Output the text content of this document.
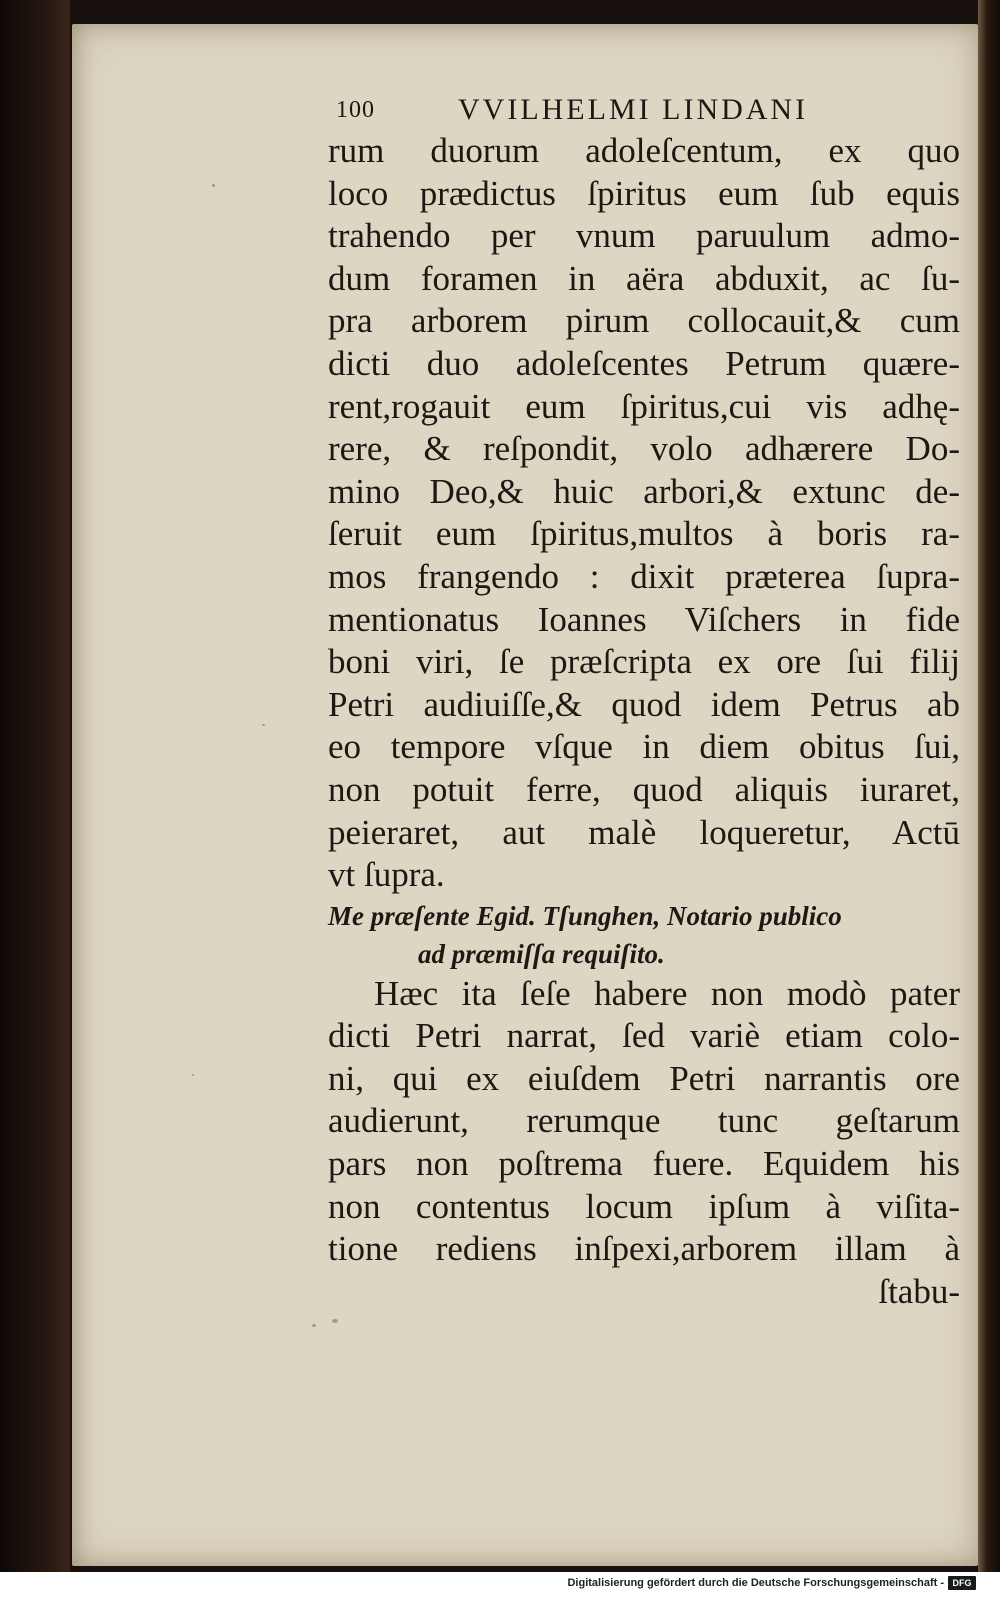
100	VVILHELMI LINDANI
rum duorum adoleſcentum, ex quo
loco prædictus ſpiritus eum ſub equis
trahendo per vnum paruulum admo-
dum foramen in aëra abduxit, ac ſu-
pra arborem pirum collocauit,& cum
dicti duo adoleſcentes Petrum quære-
rent,rogauit eum ſpiritus,cui vis adhę-
rere, & reſpondit, volo adhærere Do-
mino Deo,& huic arbori,& extunc de-
ſeruit eum ſpiritus,multos à boris ra-
mos frangendo : dixit præterea ſupra-
mentionatus Ioannes Viſchers in fide
boni viri, ſe præſcripta ex ore ſui filij
Petri audiuiſſe,& quod idem Petrus ab
eo tempore vſque in diem obitus ſui,
non potuit ferre, quod aliquis iuraret,
peieraret, aut malè loqueretur, Actū
vt ſupra.
Me præſente Egid. Tſunghen, Notario publico
ad præmiſſa requiſito.
Hæc ita ſeſe habere non modò pater
dicti Petri narrat, ſed variè etiam colo-
ni, qui ex eiuſdem Petri narrantis ore
audierunt, rerumque tunc geſtarum
pars non poſtrema fuere. Equidem his
non contentus locum ipſum à viſita-
tione rediens inſpexi,arborem illam à
ſtabu-
Digitalisierung gefördert durch die Deutsche Forschungsgemeinschaft - DFG
